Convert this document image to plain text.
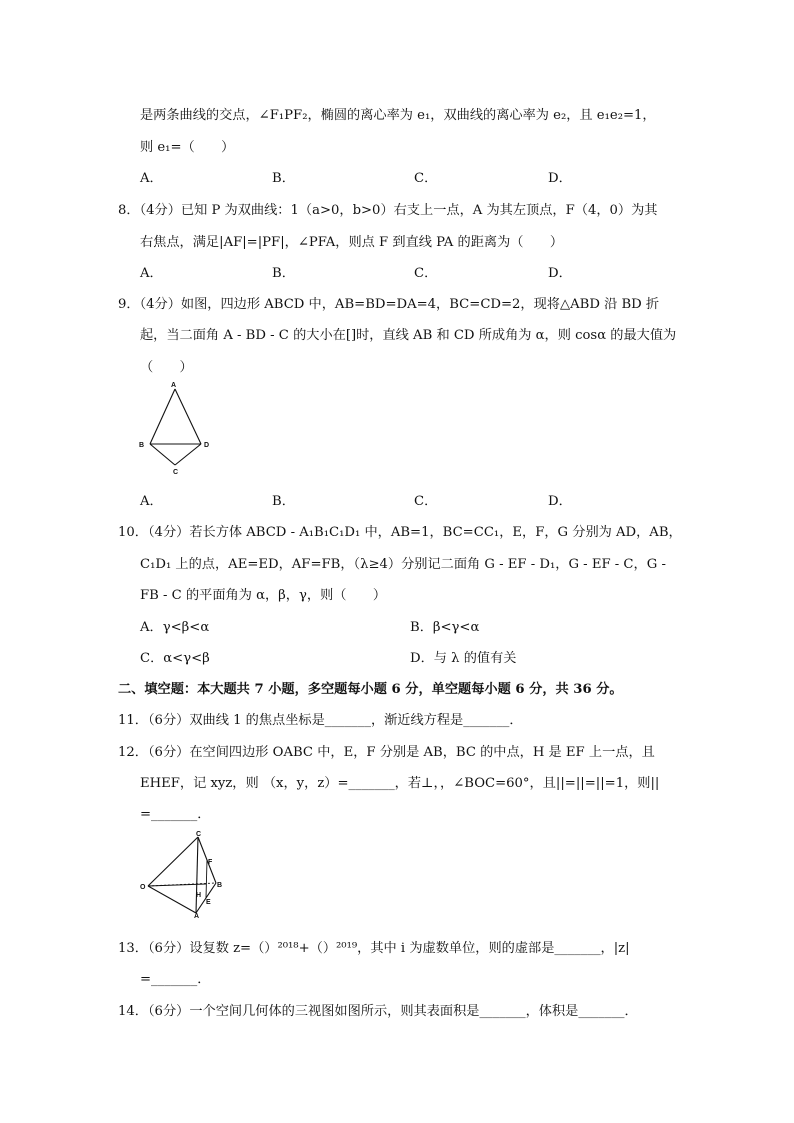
是两条曲线的交点，∠F₁PF₂，椭圆的离心率为 e₁，双曲线的离心率为 e₂，且 e₁e₂=1，
则 e₁=（　　）
A．	B．	C．	D．
8．（4分）已知 P 为双曲线：1（a>0，b>0）右支上一点，A 为其左顶点，F（4，0）为其
右焦点，满足|AF|=|PF|，∠PFA，则点 F 到直线 PA 的距离为（　　）
A．	B．	C．	D．
9．（4分）如图，四边形 ABCD 中，AB=BD=DA=4，BC=CD=2，现将△ABD 沿 BD 折
起，当二面角 A - BD - C 的大小在[]时，直线 AB 和 CD 所成角为 α，则 cosα 的最大值为
（　　）
A
B	D
C
A．	B．	C．	D．
10．（4分）若长方体 ABCD - A₁B₁C₁D₁ 中，AB=1，BC=CC₁，E，F，G 分别为 AD，AB，
C₁D₁ 上的点，AE=ED，AF=FB，（λ≥4）分别记二面角 G - EF - D₁，G - EF - C，G -
FB - C 的平面角为 α，β，γ，则（　　）
A．γ<β<α	B．β<γ<α
C．α<γ<β	D．与 λ 的值有关
二、填空题：本大题共 7 小题，多空题每小题 6 分，单空题每小题 6 分，共 36 分。
11．（6分）双曲线 1 的焦点坐标是_______，渐近线方程是_______．
12．（6分）在空间四边形 OABC 中，E，F 分别是 AB，BC 的中点，H 是 EF 上一点，且
EHEF，记 xyz，则 （x，y，z）=_______，若⊥，，∠BOC=60°，且||=||=||=1，则||
=_______．
C
F
O	B
H
E
A
13．（6分）设复数 z=（）²⁰¹⁸+（）²⁰¹⁹，其中 i 为虚数单位，则的虚部是_______，|z|
=_______．
14．（6分）一个空间几何体的三视图如图所示，则其表面积是_______，体积是_______．
